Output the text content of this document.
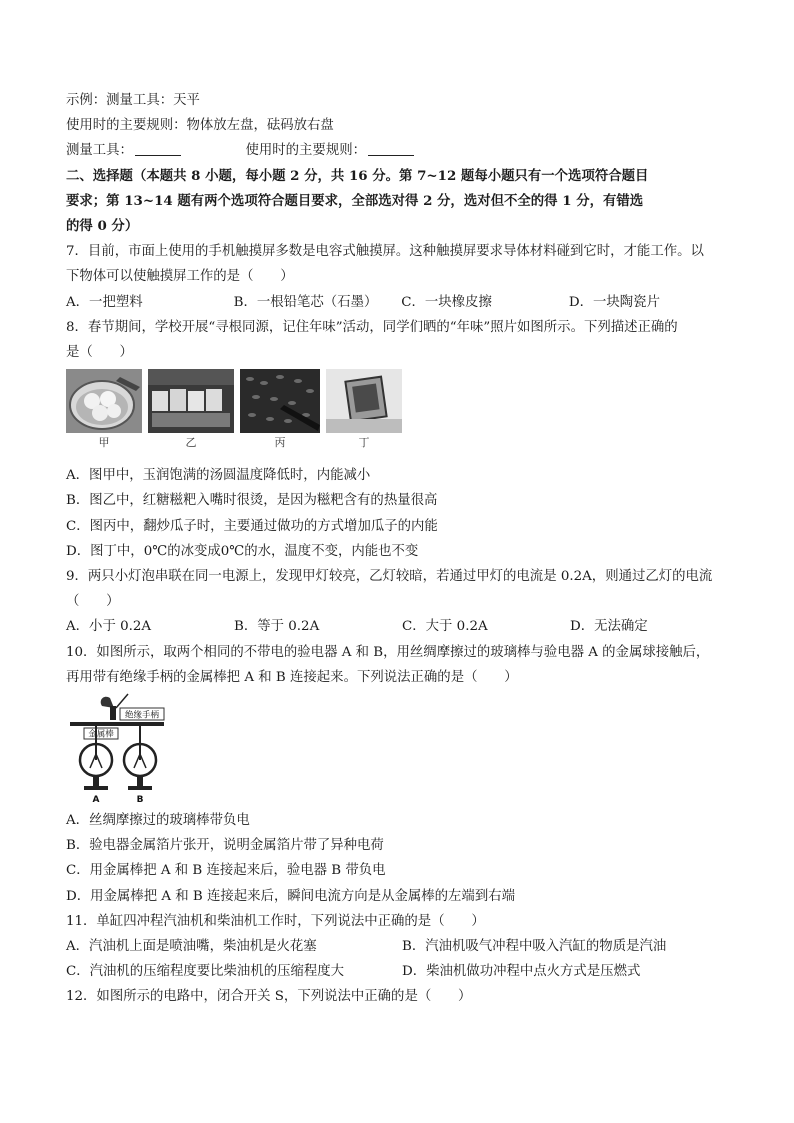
示例：测量工具：天平
使用时的主要规则：物体放左盘，砝码放右盘
测量工具：	使用时的主要规则：
二、选择题（本题共 8 小题，每小题 2 分，共 16 分。第 7~12 题每小题只有一个选项符合题目
要求；第 13~14 题有两个选项符合题目要求，全部选对得 2 分，选对但不全的得 1 分，有错选
的得 0 分）
7．目前，市面上使用的手机触摸屏多数是电容式触摸屏。这种触摸屏要求导体材料碰到它时，才能工作。以
下物体可以使触摸屏工作的是（　　）
A．一把塑料	B．一根铅笔芯（石墨）	C．一块橡皮擦	D．一块陶瓷片
8．春节期间，学校开展“寻根同源，记住年味”活动，同学们晒的“年味”照片如图所示。下列描述正确的
是（　　）
甲	乙	丙	丁
A．图甲中，玉润饱满的汤圆温度降低时，内能减小
B．图乙中，红糖糍粑入嘴时很烫，是因为糍粑含有的热量很高
C．图丙中，翻炒瓜子时，主要通过做功的方式增加瓜子的内能
D．图丁中，0℃的冰变成0℃的水，温度不变，内能也不变
9．两只小灯泡串联在同一电源上，发现甲灯较亮，乙灯较暗，若通过甲灯的电流是 0.2A，则通过乙灯的电流
（　　）
A．小于 0.2A	B．等于 0.2A	C．大于 0.2A	D．无法确定
10．如图所示，取两个相同的不带电的验电器 A 和 B，用丝绸摩擦过的玻璃棒与验电器 A 的金属球接触后，
再用带有绝缘手柄的金属棒把 A 和 B 连接起来。下列说法正确的是（　　）
绝缘手柄
金属棒
A	B
A．丝绸摩擦过的玻璃棒带负电
B．验电器金属箔片张开，说明金属箔片带了异种电荷
C．用金属棒把 A 和 B 连接起来后，验电器 B 带负电
D．用金属棒把 A 和 B 连接起来后，瞬间电流方向是从金属棒的左端到右端
11．单缸四冲程汽油机和柴油机工作时，下列说法中正确的是（　　）
A．汽油机上面是喷油嘴，柴油机是火花塞	B．汽油机吸气冲程中吸入汽缸的物质是汽油
C．汽油机的压缩程度要比柴油机的压缩程度大	D．柴油机做功冲程中点火方式是压燃式
12．如图所示的电路中，闭合开关 S，下列说法中正确的是（　　）
